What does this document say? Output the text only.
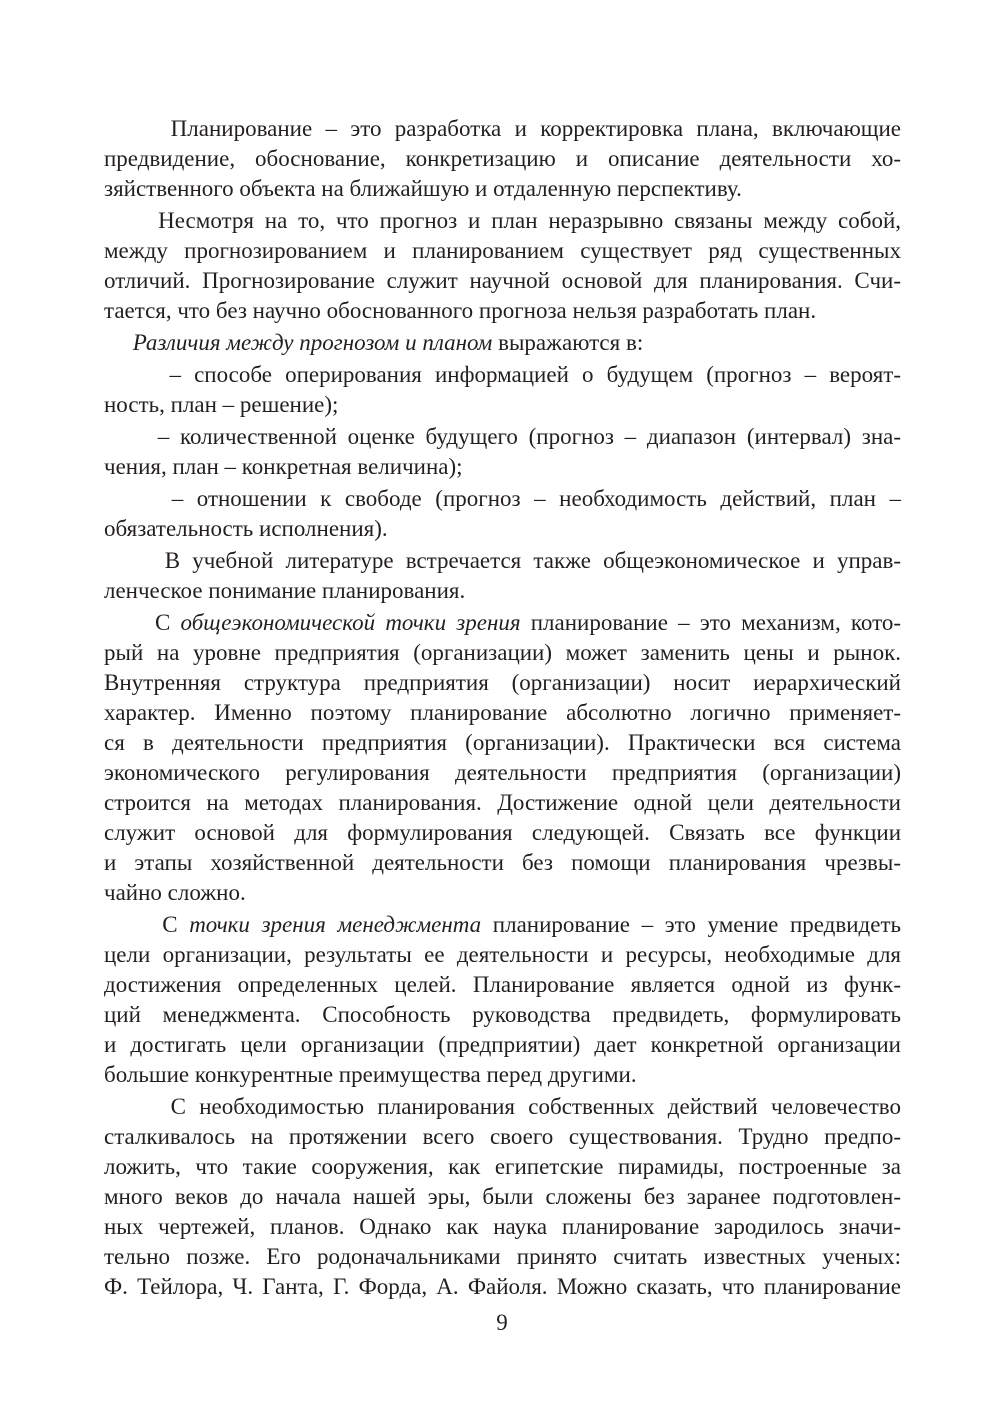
Планирование – это разработка и корректировка плана, включающие
предвидение, обоснование, конкретизацию и описание деятельности хо-
зяйственного объекта на ближайшую и отдаленную перспективу.
Несмотря на то, что прогноз и план неразрывно связаны между собой,
между прогнозированием и планированием существует ряд существенных
отличий. Прогнозирование служит научной основой для планирования. Счи-
тается, что без научно обоснованного прогноза нельзя разработать план.
Различия между прогнозом и планом выражаются в:
– способе оперирования информацией о будущем (прогноз – вероят-
ность, план – решение);
– количественной оценке будущего (прогноз – диапазон (интервал) зна-
чения, план – конкретная величина);
– отношении к свободе (прогноз – необходимость действий, план –
обязательность исполнения).
В учебной литературе встречается также общеэкономическое и управ-
ленческое понимание планирования.
С общеэкономической точки зрения планирование – это механизм, кото-
рый на уровне предприятия (организации) может заменить цены и рынок.
Внутренняя структура предприятия (организации) носит иерархический
характер. Именно поэтому планирование абсолютно логично применяет-
ся в деятельности предприятия (организации). Практически вся система
экономического регулирования деятельности предприятия (организации)
строится на методах планирования. Достижение одной цели деятельности
служит основой для формулирования следующей. Связать все функции
и этапы хозяйственной деятельности без помощи планирования чрезвы-
чайно сложно.
С точки зрения менеджмента планирование – это умение предвидеть
цели организации, результаты ее деятельности и ресурсы, необходимые для
достижения определенных целей. Планирование является одной из функ-
ций менеджмента. Способность руководства предвидеть, формулировать
и достигать цели организации (предприятии) дает конкретной организации
большие конкурентные преимущества перед другими.
С необходимостью планирования собственных действий человечество
сталкивалось на протяжении всего своего существования. Трудно предпо-
ложить, что такие сооружения, как египетские пирамиды, построенные за
много веков до начала нашей эры, были сложены без заранее подготовлен-
ных чертежей, планов. Однако как наука планирование зародилось значи-
тельно позже. Его родоначальниками принято считать известных ученых:
Ф. Тейлора, Ч. Ганта, Г. Форда, А. Файоля. Можно сказать, что планирование
9
